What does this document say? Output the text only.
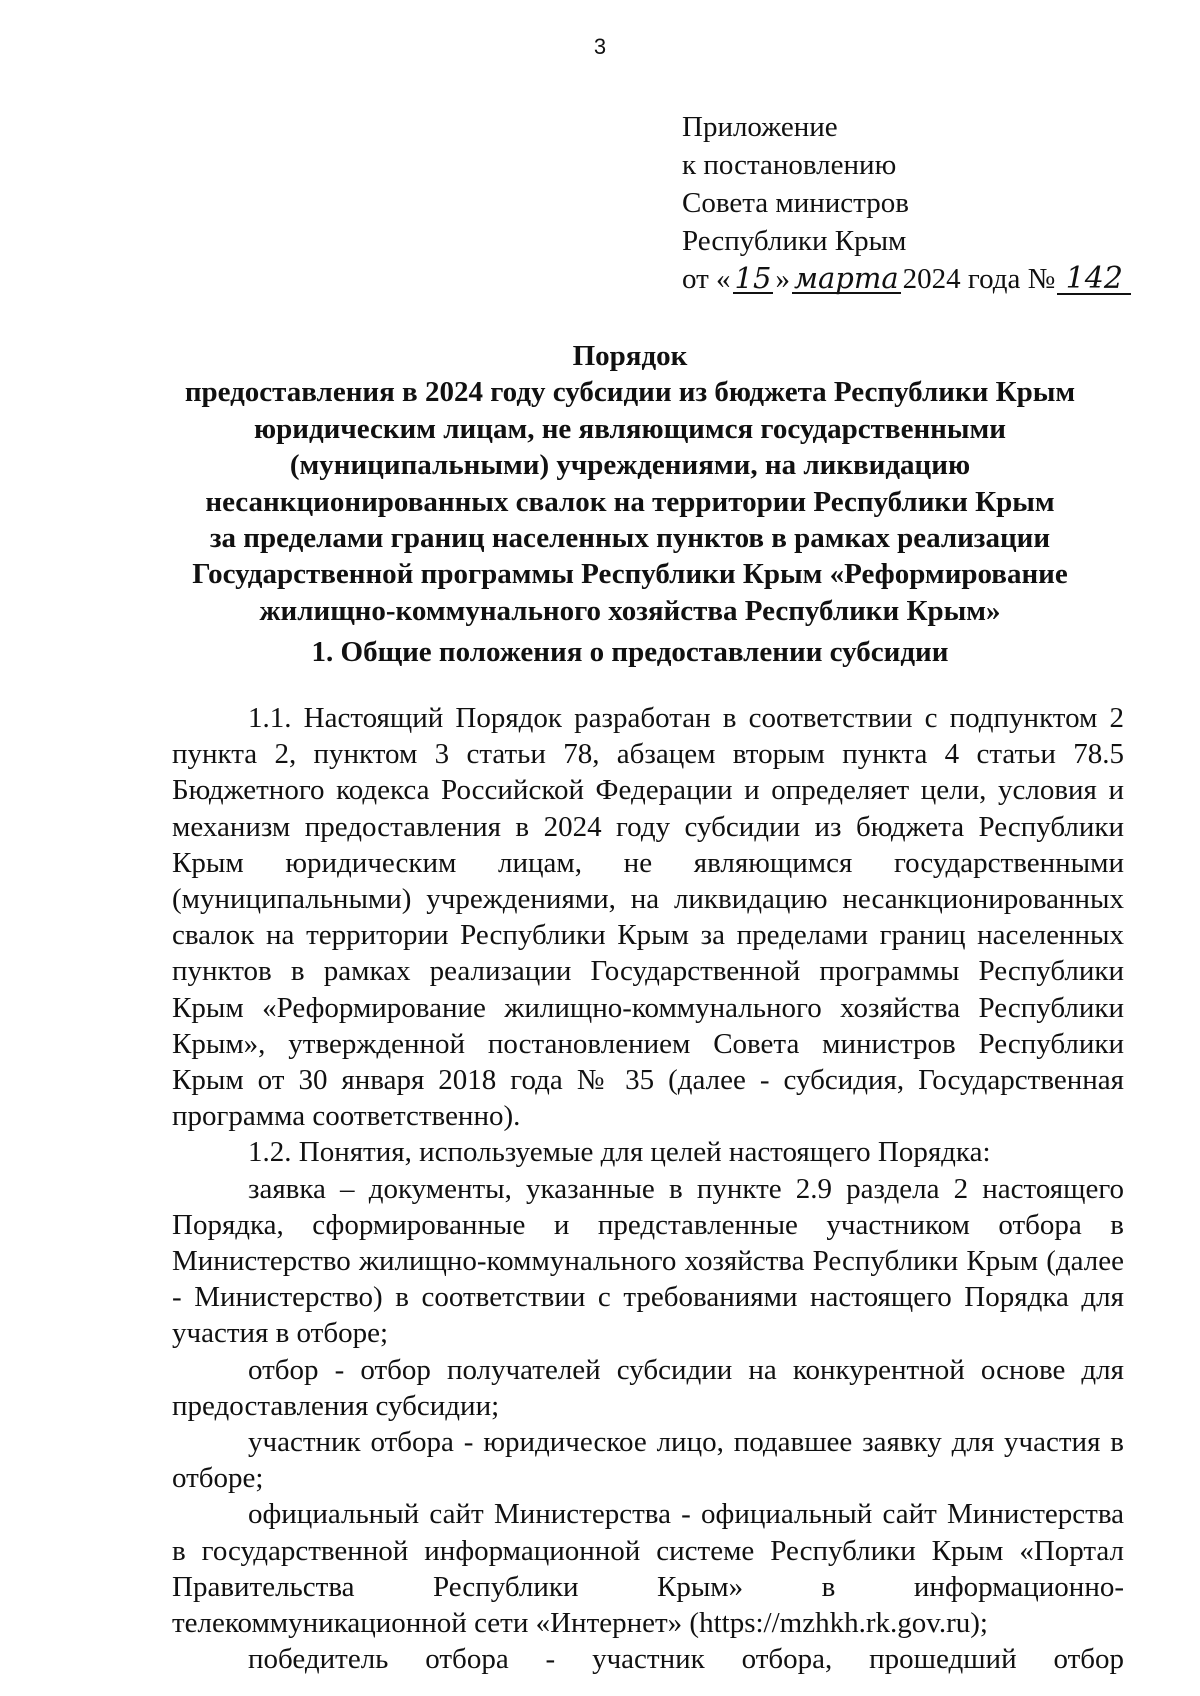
3
Приложение
к постановлению
Совета министров
Республики Крым
от « 15 » марта 2024 года № 142
Порядок
предоставления в 2024 году субсидии из бюджета Республики Крым
юридическим лицам, не являющимся государственными
(муниципальными) учреждениями, на ликвидацию
несанкционированных свалок на территории Республики Крым
за пределами границ населенных пунктов в рамках реализации
Государственной программы Республики Крым «Реформирование
жилищно-коммунального хозяйства Республики Крым»
1. Общие положения о предоставлении субсидии

1.1. Настоящий Порядок разработан в соответствии с подпунктом 2 пункта 2, пунктом 3 статьи 78, абзацем вторым пункта 4 статьи 78.5 Бюджетного кодекса Российской Федерации и определяет цели, условия и механизм предоставления в 2024 году субсидии из бюджета Республики Крым юридическим лицам, не являющимся государственными (муниципальными) учреждениями, на ликвидацию несанкционированных свалок на территории Республики Крым за пределами границ населенных пунктов в рамках реализации Государственной программы Республики Крым «Реформирование жилищно-коммунального хозяйства Республики Крым», утвержденной постановлением Совета министров Республики Крым от 30 января 2018 года № 35 (далее - субсидия, Государственная программа соответственно).

1.2. Понятия, используемые для целей настоящего Порядка:

заявка – документы, указанные в пункте 2.9 раздела 2 настоящего Порядка, сформированные и представленные участником отбора в Министерство жилищно-коммунального хозяйства Республики Крым (далее - Министерство) в соответствии с требованиями настоящего Порядка для участия в отборе;

отбор - отбор получателей субсидии на конкурентной основе для предоставления субсидии;

участник отбора - юридическое лицо, подавшее заявку для участия в отборе;

официальный сайт Министерства - официальный сайт Министерства в государственной информационной системе Республики Крым «Портал Правительства Республики Крым» в информационно-телекоммуникационной сети «Интернет» (https://mzhkh.rk.gov.ru);

победитель отбора - участник отбора, прошедший отбор
